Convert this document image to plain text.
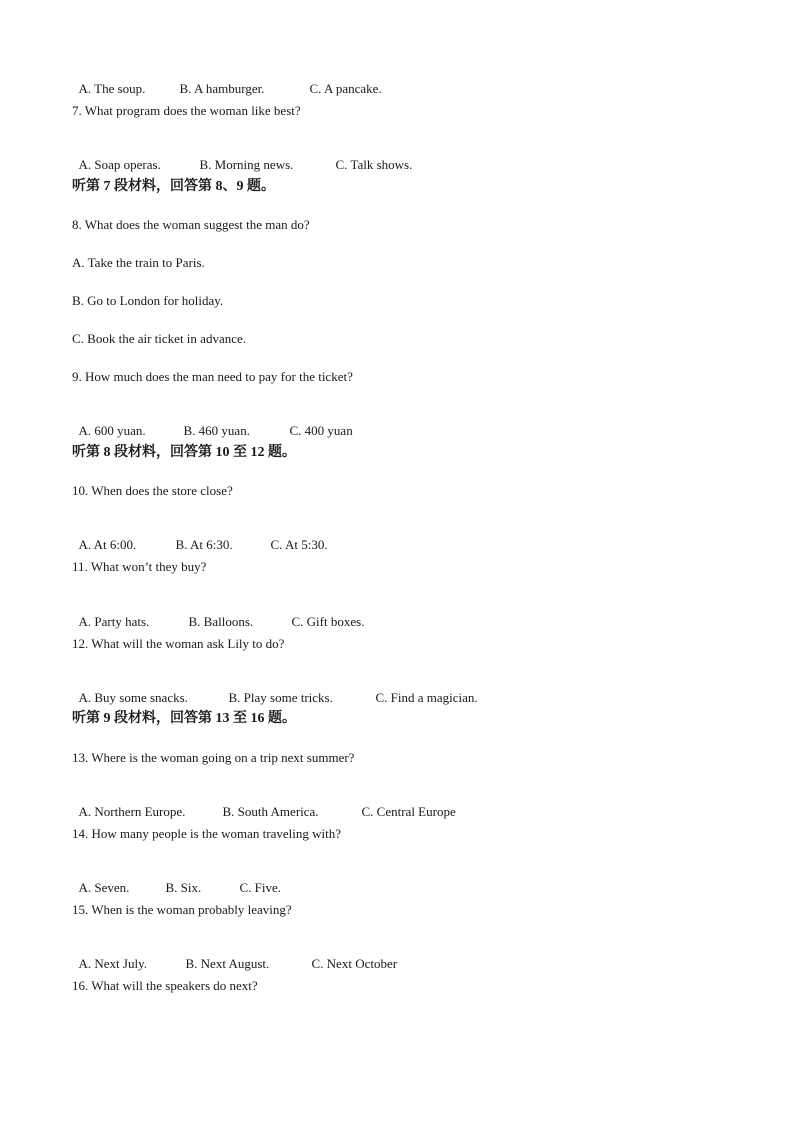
A. The soup.	B. A hamburger.	C. A pancake.

7. What program does the woman like best?

A. Soap operas.	B. Morning news.	C. Talk shows.

听第 7 段材料，回答第 8、9 题。
8. What does the woman suggest the man do?
A. Take the train to Paris.
B. Go to London for holiday.
C. Book the air ticket in advance.
9. How much does the man need to pay for the ticket?

A. 600 yuan.	B. 460 yuan.	C. 400 yuan

听第 8 段材料，回答第 10 至 12 题。
10. When does the store close?

A. At 6:00.	B. At 6:30.	C. At 5:30.

11. What won’t they buy?

A. Party hats.	B. Balloons.	C. Gift boxes.

12. What will the woman ask Lily to do?

A. Buy some snacks.	B. Play some tricks.	C. Find a magician.

听第 9 段材料，回答第 13 至 16 题。
13. Where is the woman going on a trip next summer?

A. Northern Europe.	B. South America.	C. Central Europe

14. How many people is the woman traveling with?

A. Seven.	B. Six.	C. Five.

15. When is the woman probably leaving?

A. Next July.	B. Next August.	C. Next October

16. What will the speakers do next?
